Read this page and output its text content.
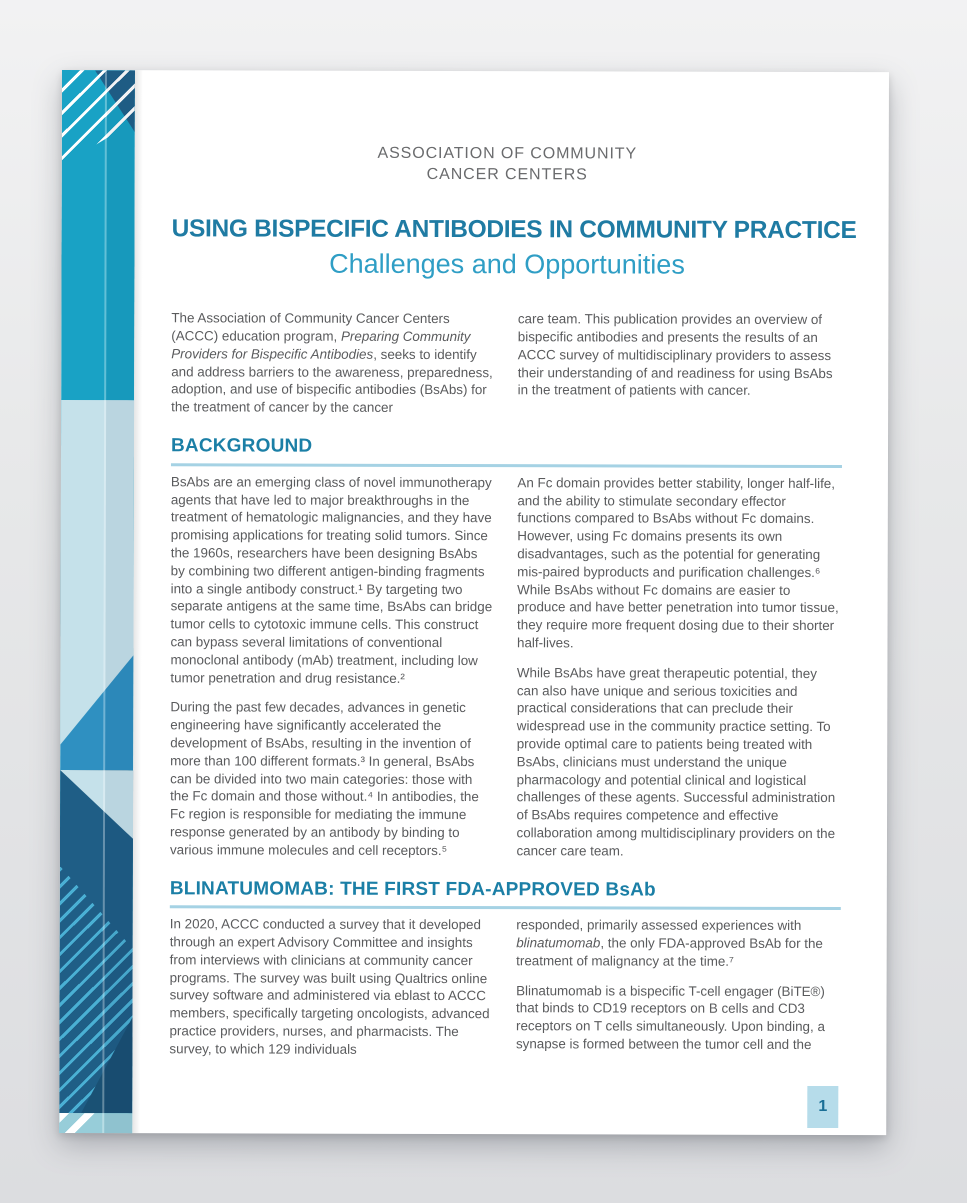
ASSOCIATION OF COMMUNITY
CANCER CENTERS
USING BISPECIFIC ANTIBODIES IN COMMUNITY PRACTICE
Challenges and Opportunities

The Association of Community Cancer Centers (ACCC) education program, Preparing Community Providers for Bispecific Antibodies, seeks to identify and address barriers to the awareness, preparedness, adoption, and use of bispecific antibodies (BsAbs) for the treatment of cancer by the cancer

care team. This publication provides an overview of bispecific antibodies and presents the results of an ACCC survey of multidisciplinary providers to assess their understanding of and readiness for using BsAbs in the treatment of patients with cancer.

BACKGROUND

BsAbs are an emerging class of novel immunotherapy agents that have led to major breakthroughs in the treatment of hematologic malignancies, and they have promising applications for treating solid tumors. Since the 1960s, researchers have been designing BsAbs by combining two different antigen-binding fragments into a single antibody construct.¹ By targeting two separate antigens at the same time, BsAbs can bridge tumor cells to cytotoxic immune cells. This construct can bypass several limitations of conventional monoclonal antibody (mAb) treatment, including low tumor penetration and drug resistance.²

During the past few decades, advances in genetic engineering have significantly accelerated the development of BsAbs, resulting in the invention of more than 100 different formats.³ In general, BsAbs can be divided into two main categories: those with the Fc domain and those without.⁴ In antibodies, the Fc region is responsible for mediating the immune response generated by an antibody by binding to various immune molecules and cell receptors.⁵

An Fc domain provides better stability, longer half-life, and the ability to stimulate secondary effector functions compared to BsAbs without Fc domains. However, using Fc domains presents its own disadvantages, such as the potential for generating mis-paired byproducts and purification challenges.⁶ While BsAbs without Fc domains are easier to produce and have better penetration into tumor tissue, they require more frequent dosing due to their shorter half-lives.

While BsAbs have great therapeutic potential, they can also have unique and serious toxicities and practical considerations that can preclude their widespread use in the community practice setting. To provide optimal care to patients being treated with BsAbs, clinicians must understand the unique pharmacology and potential clinical and logistical challenges of these agents. Successful administration of BsAbs requires competence and effective collaboration among multidisciplinary providers on the cancer care team.

BLINATUMOMAB: THE FIRST FDA-APPROVED BsAb

In 2020, ACCC conducted a survey that it developed through an expert Advisory Committee and insights from interviews with clinicians at community cancer programs. The survey was built using Qualtrics online survey software and administered via eblast to ACCC members, specifically targeting oncologists, advanced practice providers, nurses, and pharmacists. The survey, to which 129 individuals

responded, primarily assessed experiences with blinatumomab, the only FDA-approved BsAb for the treatment of malignancy at the time.⁷

Blinatumomab is a bispecific T-cell engager (BiTE®) that binds to CD19 receptors on B cells and CD3 receptors on T cells simultaneously. Upon binding, a synapse is formed between the tumor cell and the

1
